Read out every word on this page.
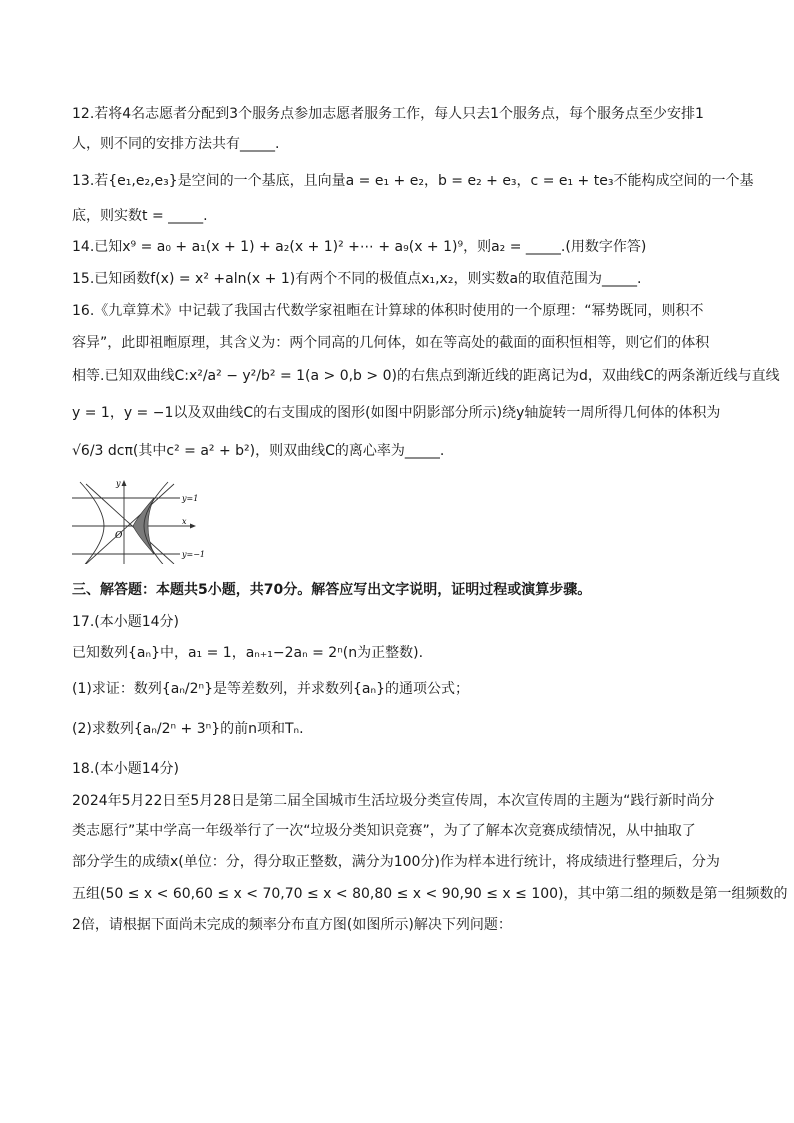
12.若将4名志愿者分配到3个服务点参加志愿者服务工作，每人只去1个服务点，每个服务点至少安排1
人，则不同的安排方法共有_____.
13.若{e₁,e₂,e₃}是空间的一个基底，且向量a = e₁ + e₂，b = e₂ + e₃，c = e₁ + te₃不能构成空间的一个基
底，则实数t = _____.
14.已知x⁹ = a₀ + a₁(x + 1) + a₂(x + 1)² +⋯ + a₉(x + 1)⁹，则a₂ = _____.(用数字作答)
15.已知函数f(x) = x² +aln(x + 1)有两个不同的极值点x₁,x₂，则实数a的取值范围为_____.
16.《九章算术》中记载了我国古代数学家祖暅在计算球的体积时使用的一个原理：“幂势既同，则积不
容异”，此即祖暅原理，其含义为：两个同高的几何体，如在等高处的截面的面积恒相等，则它们的体积
相等.已知双曲线C:x²/a² − y²/b² = 1(a > 0,b > 0)的右焦点到渐近线的距离记为d，双曲线C的两条渐近线与直线
y = 1，y = −1以及双曲线C的右支围成的图形(如图中阴影部分所示)绕y轴旋转一周所得几何体的体积为
√6/3 dcπ(其中c² = a² + b²)，则双曲线C的离心率为_____.
y
x
O
y=1
y=−1
三、解答题：本题共5小题，共70分。解答应写出文字说明，证明过程或演算步骤。
17.(本小题14分)
已知数列{aₙ}中，a₁ = 1，aₙ₊₁−2aₙ = 2ⁿ(n为正整数).
(1)求证：数列{aₙ/2ⁿ}是等差数列，并求数列{aₙ}的通项公式；
(2)求数列{aₙ/2ⁿ + 3ⁿ}的前n项和Tₙ.
18.(本小题14分)
2024年5月22日至5月28日是第二届全国城市生活垃圾分类宣传周，本次宣传周的主题为“践行新时尚分
类志愿行”某中学高一年级举行了一次“垃圾分类知识竞赛”，为了了解本次竞赛成绩情况，从中抽取了
部分学生的成绩x(单位：分，得分取正整数，满分为100分)作为样本进行统计，将成绩进行整理后，分为
五组(50 ≤ x < 60,60 ≤ x < 70,70 ≤ x < 80,80 ≤ x < 90,90 ≤ x ≤ 100)，其中第二组的频数是第一组频数的
2倍，请根据下面尚未完成的频率分布直方图(如图所示)解决下列问题：
